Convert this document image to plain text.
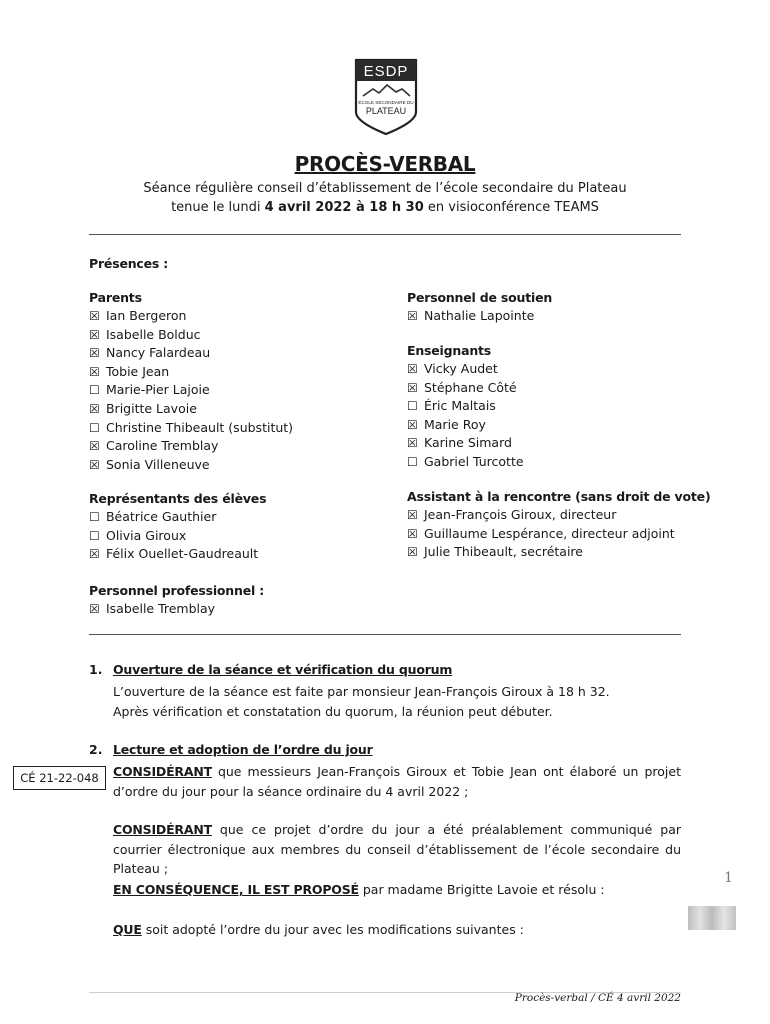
ESDP
ÉCOLE SECONDAIRE DU
PLATEAU
PROCÈS-VERBAL
Séance régulière conseil d’établissement de l’école secondaire du Plateau
tenue le lundi 4 avril 2022 à 18 h 30 en visioconférence TEAMS
Présences :
Parents
☒ Ian Bergeron
☒ Isabelle Bolduc
☒ Nancy Falardeau
☒ Tobie Jean
☐ Marie-Pier Lajoie
☒ Brigitte Lavoie
☐ Christine Thibeault (substitut)
☒ Caroline Tremblay
☒ Sonia Villeneuve
Représentants des élèves
☐ Béatrice Gauthier
☐ Olivia Giroux
☒ Félix Ouellet-Gaudreault
Personnel professionnel :
☒ Isabelle Tremblay
Personnel de soutien
☒ Nathalie Lapointe
Enseignants
☒ Vicky Audet
☒ Stéphane Côté
☐ Éric Maltais
☒ Marie Roy
☒ Karine Simard
☐ Gabriel Turcotte
Assistant à la rencontre (sans droit de vote)
☒ Jean-François Giroux, directeur
☒ Guillaume Lespérance, directeur adjoint
☒ Julie Thibeault, secrétaire
1. Ouverture de la séance et vérification du quorum
L’ouverture de la séance est faite par monsieur Jean-François Giroux à 18 h 32.
Après vérification et constatation du quorum, la réunion peut débuter.
2. Lecture et adoption de l’ordre du jour
CÉ 21-22-048	CONSIDÉRANT que messieurs Jean-François Giroux et Tobie Jean ont élaboré un projet d’ordre du jour pour la séance ordinaire du 4 avril 2022 ;
CONSIDÉRANT que ce projet d’ordre du jour a été préalablement communiqué par courrier électronique aux membres du conseil d’établissement de l’école secondaire du Plateau ;
EN CONSÉQUENCE, IL EST PROPOSÉ par madame Brigitte Lavoie et résolu :
QUE soit adopté l’ordre du jour avec les modifications suivantes :
1
Procès-verbal / CÉ 4 avril 2022
